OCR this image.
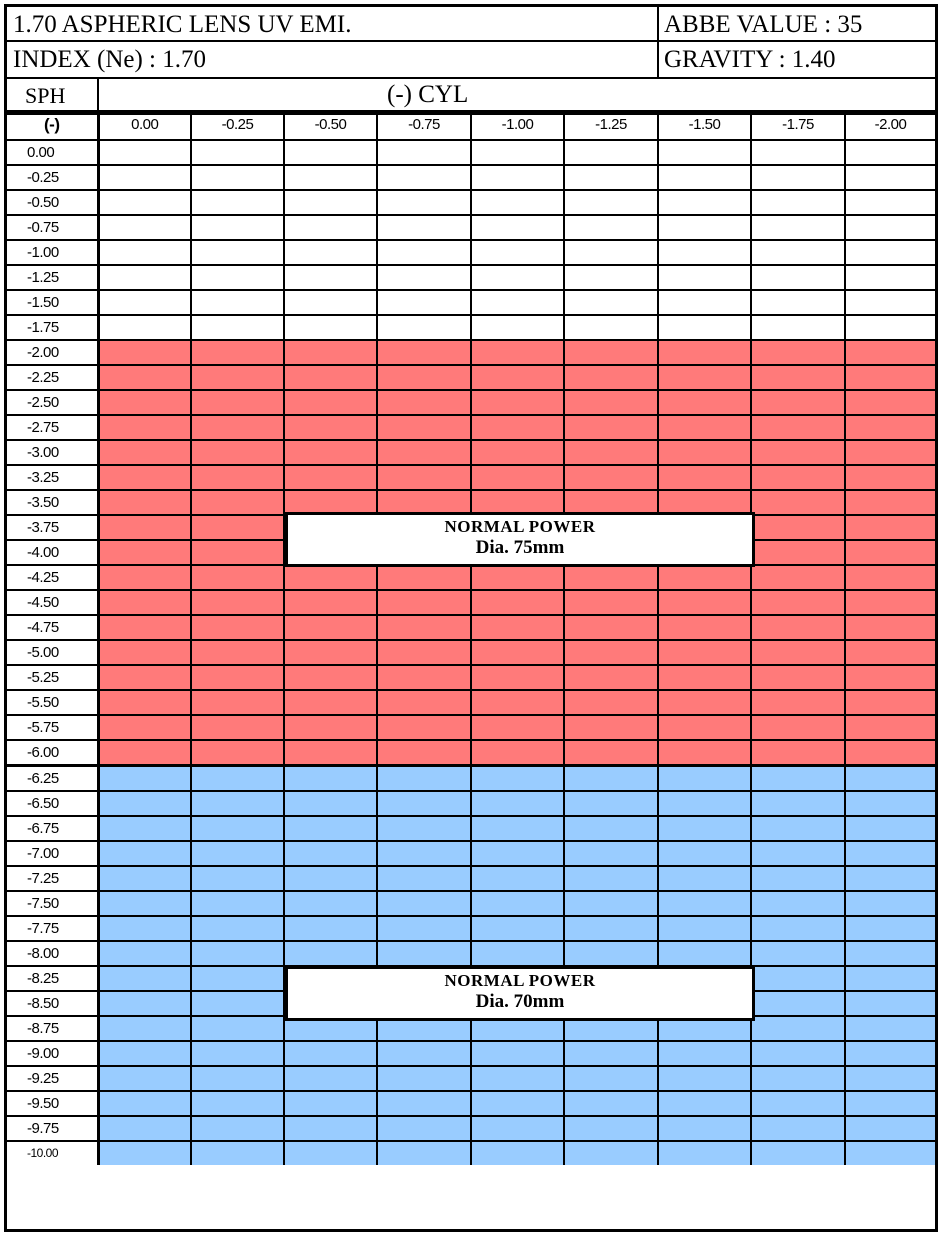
1.70 ASPHERIC LENS UV EMI.	ABBE VALUE : 35
INDEX (Ne) : 1.70	GRAVITY : 1.40
SPH	(-) CYL
(-)	0.00	-0.25	-0.50	-0.75	-1.00	-1.25	-1.50	-1.75	-2.00
0.00									
-0.25									
-0.50									
-0.75									
-1.00									
-1.25									
-1.50									
-1.75									
-2.00									
-2.25									
-2.50									
-2.75									
-3.00									
-3.25									
-3.50									
-3.75									
-4.00									
-4.25									
-4.50									
-4.75									
-5.00									
-5.25									
-5.50									
-5.75									
-6.00									
-6.25									
-6.50									
-6.75									
-7.00									
-7.25									
-7.50									
-7.75									
-8.00									
-8.25									
-8.50									
-8.75									
-9.00									
-9.25									
-9.50									
-9.75									
-10.00									
NORMAL POWER
Dia. 75mm
NORMAL POWER
Dia. 70mm
